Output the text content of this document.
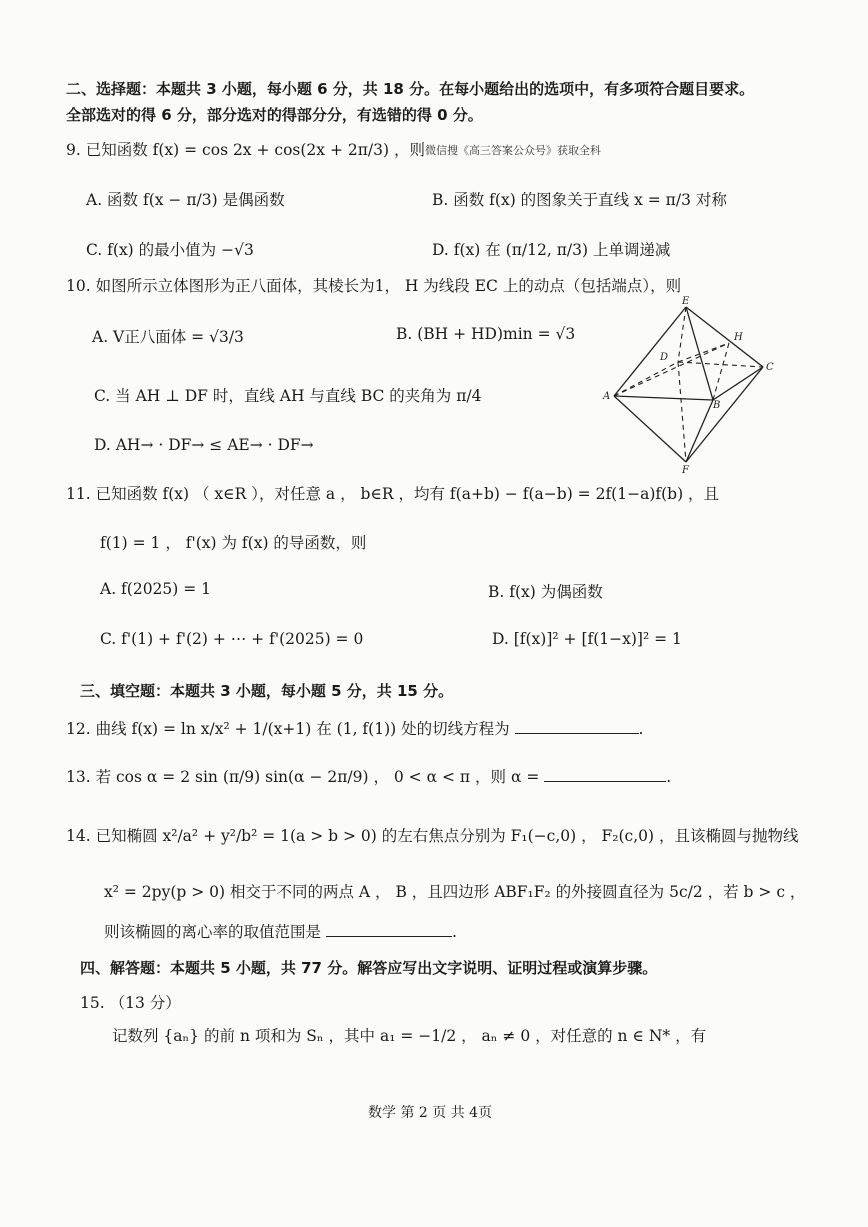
二、选择题：本题共 3 小题，每小题 6 分，共 18 分。在每小题给出的选项中，有多项符合题目要求。
全部选对的得 6 分，部分选对的得部分分，有选错的得 0 分。
9. 已知函数 f(x) = cos 2x + cos(2x + 2π/3) ，则 微信搜《高三答案公众号》获取全科
A. 函数 f(x − π/3) 是偶函数	B. 函数 f(x) 的图象关于直线 x = π/3 对称
C. f(x) 的最小值为 −√3	D. f(x) 在 (π/12, π/3) 上单调递减
10. 如图所示立体图形为正八面体，其棱长为1， H 为线段 EC 上的动点（包括端点），则
A. V正八面体 = √3/3	B. (BH + HD)min = √3
C. 当 AH ⊥ DF 时，直线 AH 与直线 BC 的夹角为 π/4
D. AH→ · DF→ ≤ AE→ · DF→
E
H
D
C
A
B
F
11. 已知函数 f(x) （ x∈R ），对任意 a ， b∈R ，均有 f(a+b) − f(a−b) = 2f(1−a)f(b) ，且
f(1) = 1 ， f'(x) 为 f(x) 的导函数，则
A. f(2025) = 1	B. f(x) 为偶函数
C. f'(1) + f'(2) + ⋯ + f'(2025) = 0	D. [f(x)]² + [f(1−x)]² = 1
三、填空题：本题共 3 小题，每小题 5 分，共 15 分。
12. 曲线 f(x) = ln x/x² + 1/(x+1) 在 (1, f(1)) 处的切线方程为	.
13. 若 cos α = 2 sin (π/9) sin(α − 2π/9) ， 0 < α < π ，则 α =	.
14. 已知椭圆 x²/a² + y²/b² = 1(a > b > 0) 的左右焦点分别为 F₁(−c,0) ， F₂(c,0) ，且该椭圆与抛物线
x² = 2py(p > 0) 相交于不同的两点 A ， B ，且四边形 ABF₁F₂ 的外接圆直径为 5c/2 ，若 b > c ，
则该椭圆的离心率的取值范围是	.
四、解答题：本题共 5 小题，共 77 分。解答应写出文字说明、证明过程或演算步骤。
15. （13 分）
记数列 {aₙ} 的前 n 项和为 Sₙ ，其中 a₁ = −1/2 ， aₙ ≠ 0 ，对任意的 n ∈ N* ，有
数学 第 2 页 共 4页
